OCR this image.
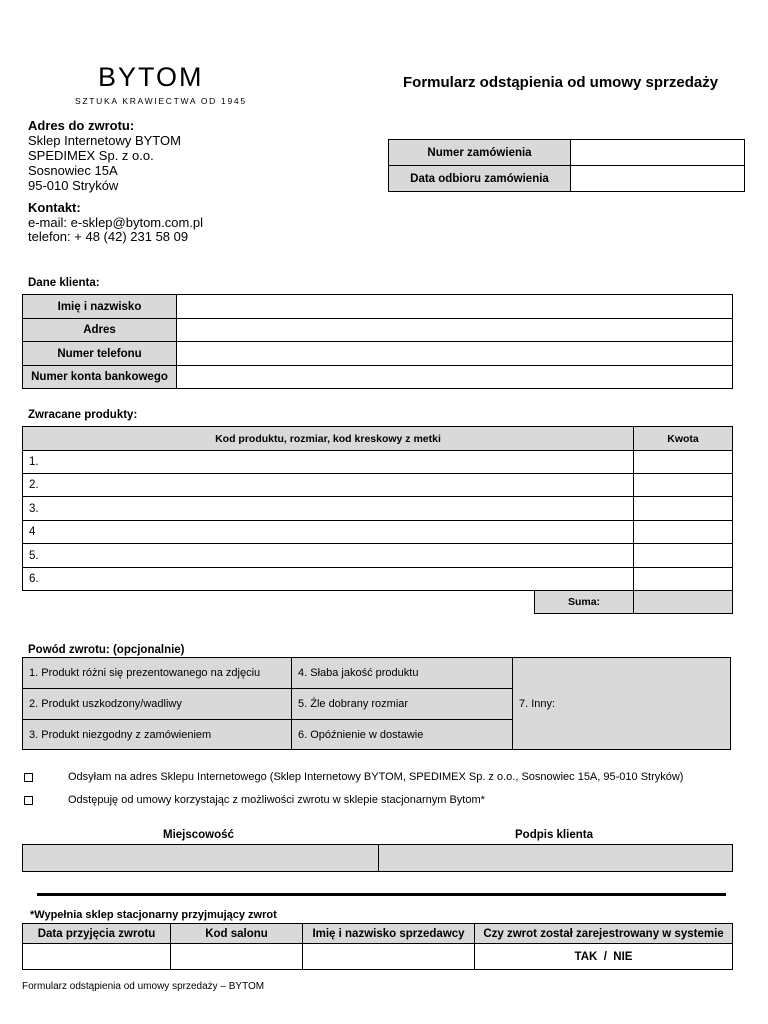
BYTOM
SZTUKA KRAWIECTWA OD 1945
Formularz odstąpienia od umowy sprzedaży
Adres do zwrotu:
Sklep Internetowy BYTOM
SPEDIMEX Sp. z o.o.
Sosnowiec 15A
95-010 Stryków
Kontakt:
e-mail: e-sklep@bytom.com.pl
telefon: + 48 (42) 231 58 09
Numer zamówienia	
Data odbioru zamówienia	
Dane klienta:
Imię i nazwisko	
Adres	
Numer telefonu	
Numer konta bankowego	
Zwracane produkty:
Kod produktu, rozmiar, kod kreskowy z metki		Kwota
1.		
2.		
3.		
4		
5.		
6.		
	Suma:	
Powód zwrotu: (opcjonalnie)
1. Produkt różni się prezentowanego na zdjęciu	4. Słaba jakość produktu	7. Inny:
2. Produkt uszkodzony/wadliwy	5. Źle dobrany rozmiar	
3. Produkt niezgodny z zamówieniem	6. Opóźnienie w dostawie	
Odsyłam na adres Sklepu Internetowego (Sklep Internetowy BYTOM, SPEDIMEX Sp. z o.o., Sosnowiec 15A, 95-010 Stryków)
Odstępuję od umowy korzystając z możliwości zwrotu w sklepie stacjonarnym Bytom*
Miejscowość	Podpis klienta

*Wypełnia sklep stacjonarny przyjmujący zwrot
Data przyjęcia zwrotu	Kod salonu	Imię i nazwisko sprzedawcy	Czy zwrot został zarejestrowany w systemie
			TAK  /  NIE
Formularz odstąpienia od umowy sprzedaży – BYTOM
